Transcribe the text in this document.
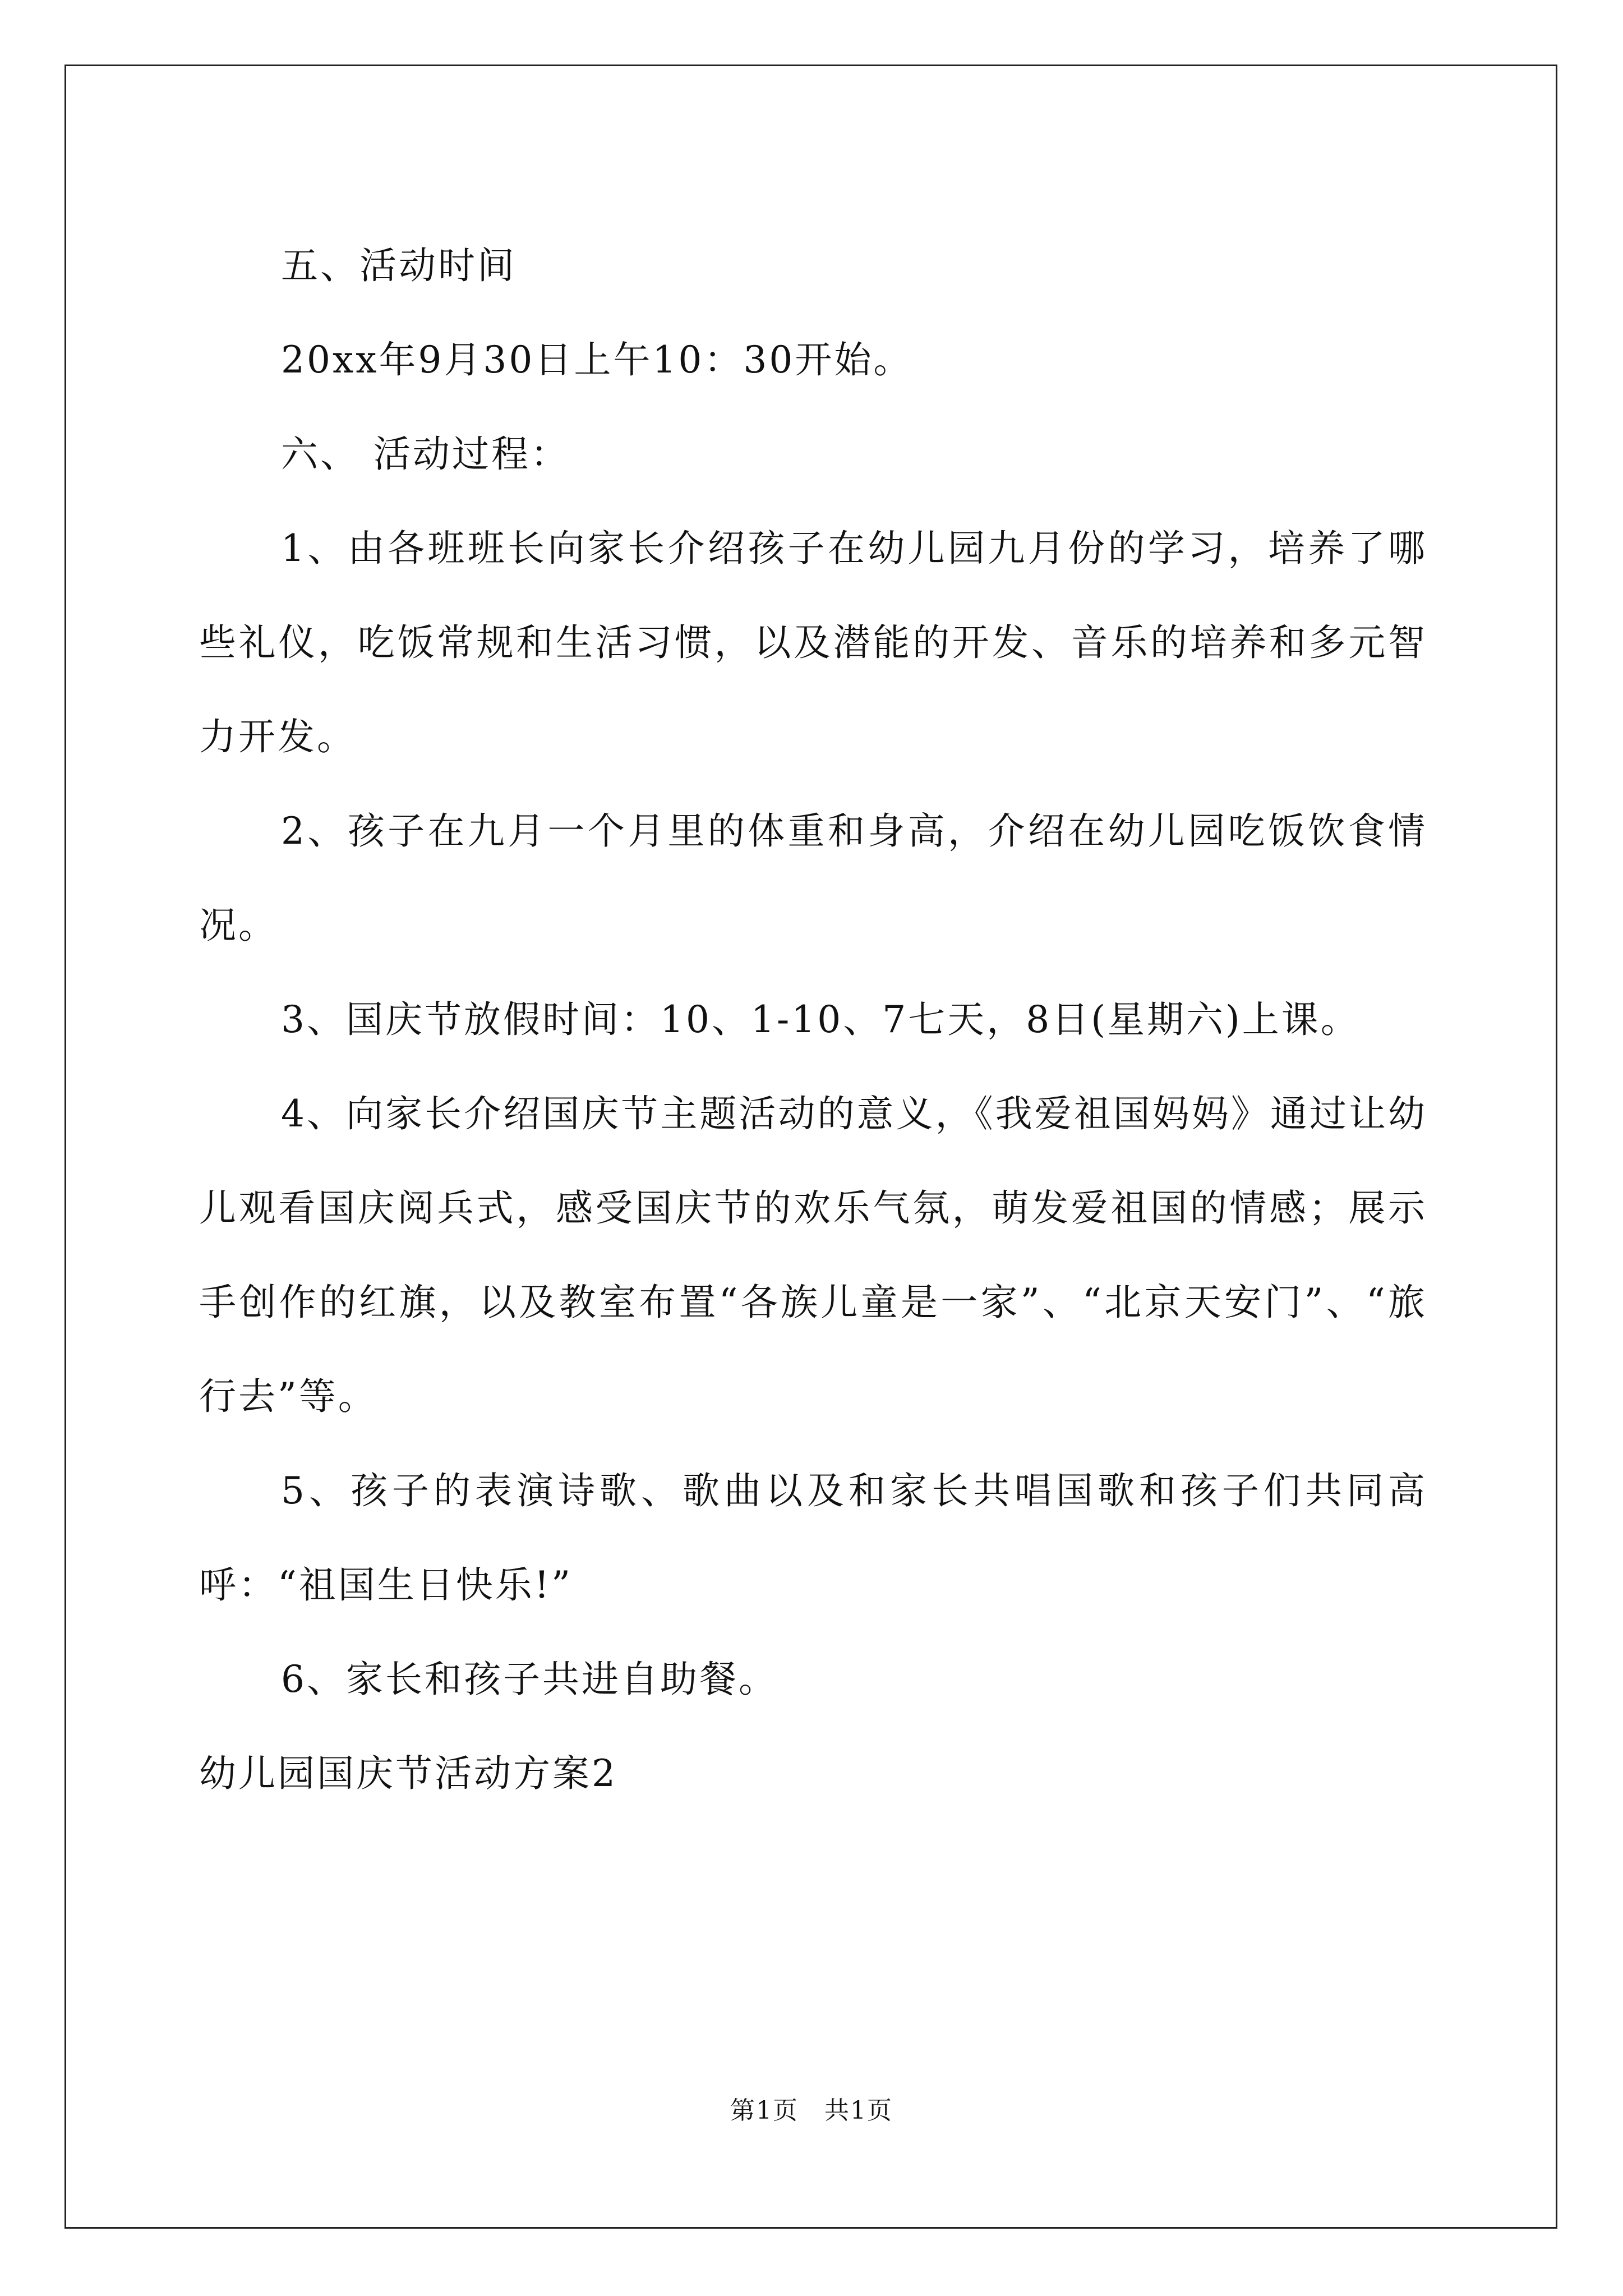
五、活动时间

20xx年9月30日上午10：30开始。

六、 活动过程：

1、由各班班长向家长介绍孩子在幼儿园九月份的学习，培养了哪些礼仪，吃饭常规和生活习惯，以及潜能的开发、音乐的培养和多元智力开发。

2、孩子在九月一个月里的体重和身高，介绍在幼儿园吃饭饮食情况。

3、国庆节放假时间：10、1-10、7七天，8日(星期六)上课。

4、向家长介绍国庆节主题活动的意义，《我爱祖国妈妈》通过让幼儿观看国庆阅兵式，感受国庆节的欢乐气氛，萌发爱祖国的情感；展示 手创作的红旗，以及教室布置“各族儿童是一家”、“北京天安门”、“旅行去”等。

5、孩子的表演诗歌、歌曲以及和家长共唱国歌和孩子们共同高呼：“祖国生日快乐!”

6、家长和孩子共进自助餐。

幼儿园国庆节活动方案2

第1页　共1页
